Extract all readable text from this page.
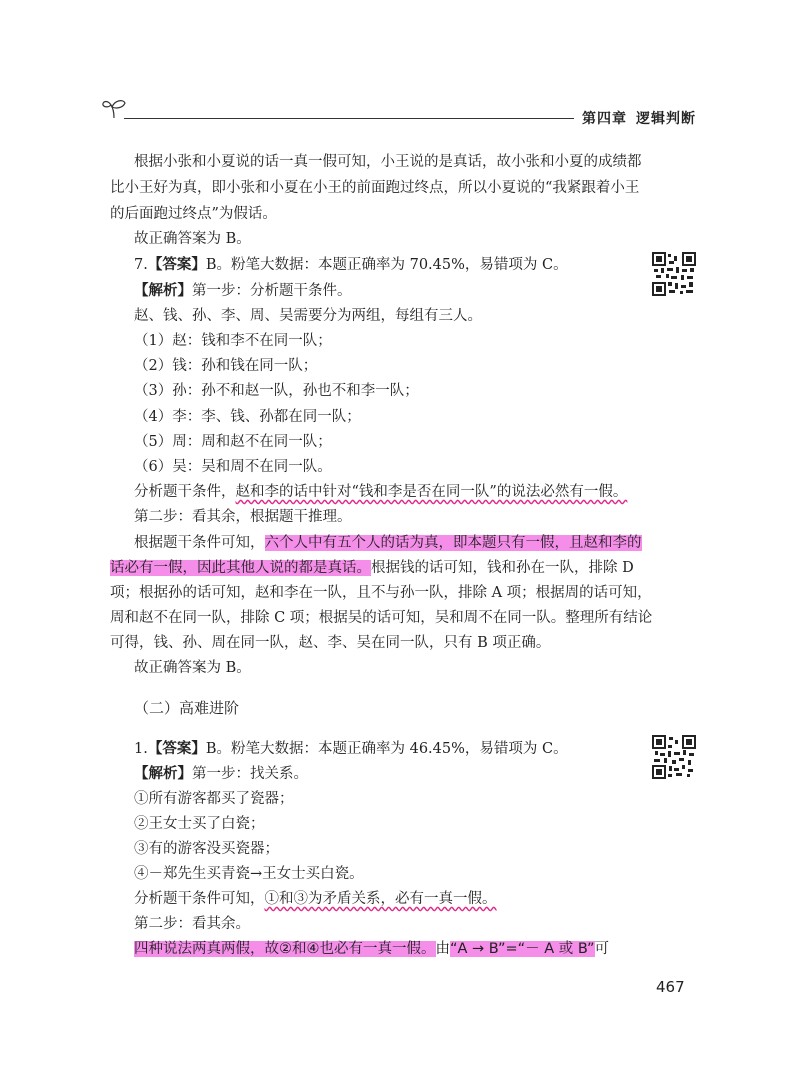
第四章 逻辑判断
根据小张和小夏说的话一真一假可知，小王说的是真话，故小张和小夏的成绩都
比小王好为真，即小张和小夏在小王的前面跑过终点，所以小夏说的“我紧跟着小王
的后面跑过终点”为假话。
故正确答案为 B。
7.【答案】B。粉笔大数据：本题正确率为 70.45%，易错项为 C。
【解析】第一步：分析题干条件。
赵、钱、孙、李、周、吴需要分为两组，每组有三人。
（1）赵：钱和李不在同一队；
（2）钱：孙和钱在同一队；
（3）孙：孙不和赵一队，孙也不和李一队；
（4）李：李、钱、孙都在同一队；
（5）周：周和赵不在同一队；
（6）吴：吴和周不在同一队。
分析题干条件，赵和李的话中针对“钱和李是否在同一队”的说法必然有一假。
第二步：看其余，根据题干推理。
根据题干条件可知，六个人中有五个人的话为真，即本题只有一假，且赵和李的
话必有一假，因此其他人说的都是真话。根据钱的话可知，钱和孙在一队，排除 D
项；根据孙的话可知，赵和李在一队，且不与孙一队，排除 A 项；根据周的话可知，
周和赵不在同一队，排除 C 项；根据吴的话可知，吴和周不在同一队。整理所有结论
可得，钱、孙、周在同一队，赵、李、吴在同一队，只有 B 项正确。
故正确答案为 B。
（二）高难进阶
1.【答案】B。粉笔大数据：本题正确率为 46.45%，易错项为 C。
【解析】第一步：找关系。
①所有游客都买了瓷器；
②王女士买了白瓷；
③有的游客没买瓷器；
④－郑先生买青瓷→王女士买白瓷。
分析题干条件可知，①和③为矛盾关系，必有一真一假。
第二步：看其余。
四种说法两真两假，故②和④也必有一真一假。由“A → B”=“－ A 或 B”可
467
